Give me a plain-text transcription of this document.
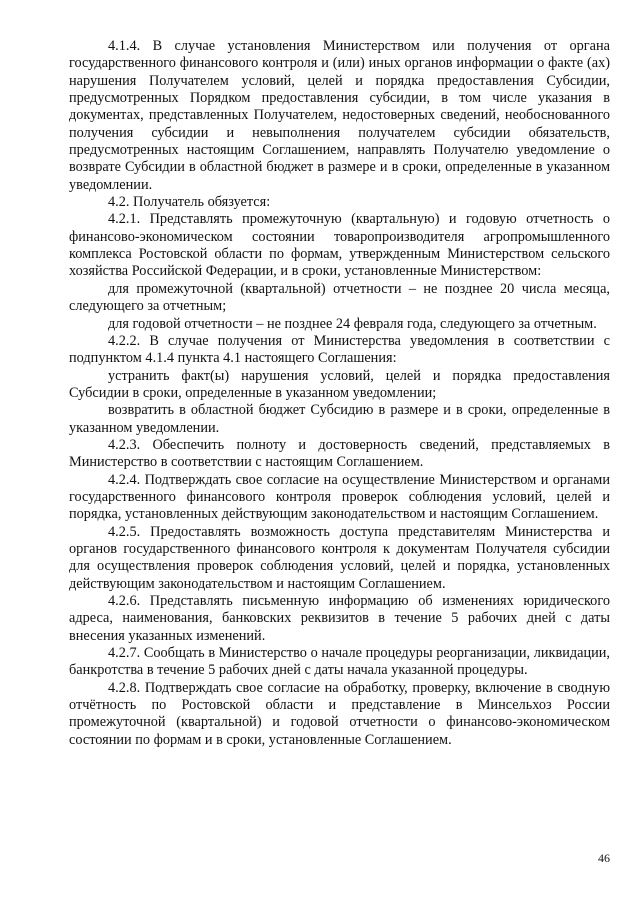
4.1.4. В случае установления Министерством или получения от органа государственного финансового контроля и (или) иных органов информации о факте (ах) нарушения Получателем условий, целей и порядка предоставления Субсидии, предусмотренных Порядком предоставления субсидии, в том числе указания в документах, представленных Получателем, недостоверных сведений, необоснованного получения субсидии и невыполнения получателем субсидии обязательств, предусмотренных настоящим Соглашением, направлять Получателю уведомление о возврате Субсидии в областной бюджет в размере и в сроки, определенные в указанном уведомлении.

4.2. Получатель обязуется:

4.2.1. Представлять промежуточную (квартальную) и годовую отчетность о финансово-экономическом состоянии товаропроизводителя агропромышленного комплекса Ростовской области по формам, утвержденным Министерством сельского хозяйства Российской Федерации, и в сроки, установленные Министерством:

для промежуточной (квартальной) отчетности – не позднее 20 числа месяца, следующего за отчетным;

для годовой отчетности – не позднее 24 февраля года, следующего за отчетным.

4.2.2. В случае получения от Министерства уведомления в соответствии с подпунктом 4.1.4 пункта 4.1 настоящего Соглашения:

устранить факт(ы) нарушения условий, целей и порядка предоставления Субсидии в сроки, определенные в указанном уведомлении;

возвратить в областной бюджет Субсидию в размере и в сроки, определенные в указанном уведомлении.

4.2.3. Обеспечить полноту и достоверность сведений, представляемых в Министерство в соответствии с настоящим Соглашением.

4.2.4. Подтверждать свое согласие на осуществление Министерством и органами государственного финансового контроля проверок соблюдения условий, целей и порядка, установленных действующим законодательством и настоящим Соглашением.

4.2.5. Предоставлять возможность доступа представителям Министерства и органов государственного финансового контроля к документам Получателя субсидии для осуществления проверок соблюдения условий, целей и порядка, установленных действующим законодательством и настоящим Соглашением.

4.2.6. Представлять письменную информацию об изменениях юридического адреса, наименования, банковских реквизитов в течение 5 рабочих дней с даты внесения указанных изменений.

4.2.7. Сообщать в Министерство о начале процедуры реорганизации, ликвидации, банкротства в течение 5 рабочих дней с даты начала указанной процедуры.

4.2.8. Подтверждать свое согласие на обработку, проверку, включение в сводную отчётность по Ростовской области и представление в Минсельхоз России промежуточной (квартальной) и годовой отчетности о финансово-экономическом состоянии по формам и в сроки, установленные Соглашением.

46
